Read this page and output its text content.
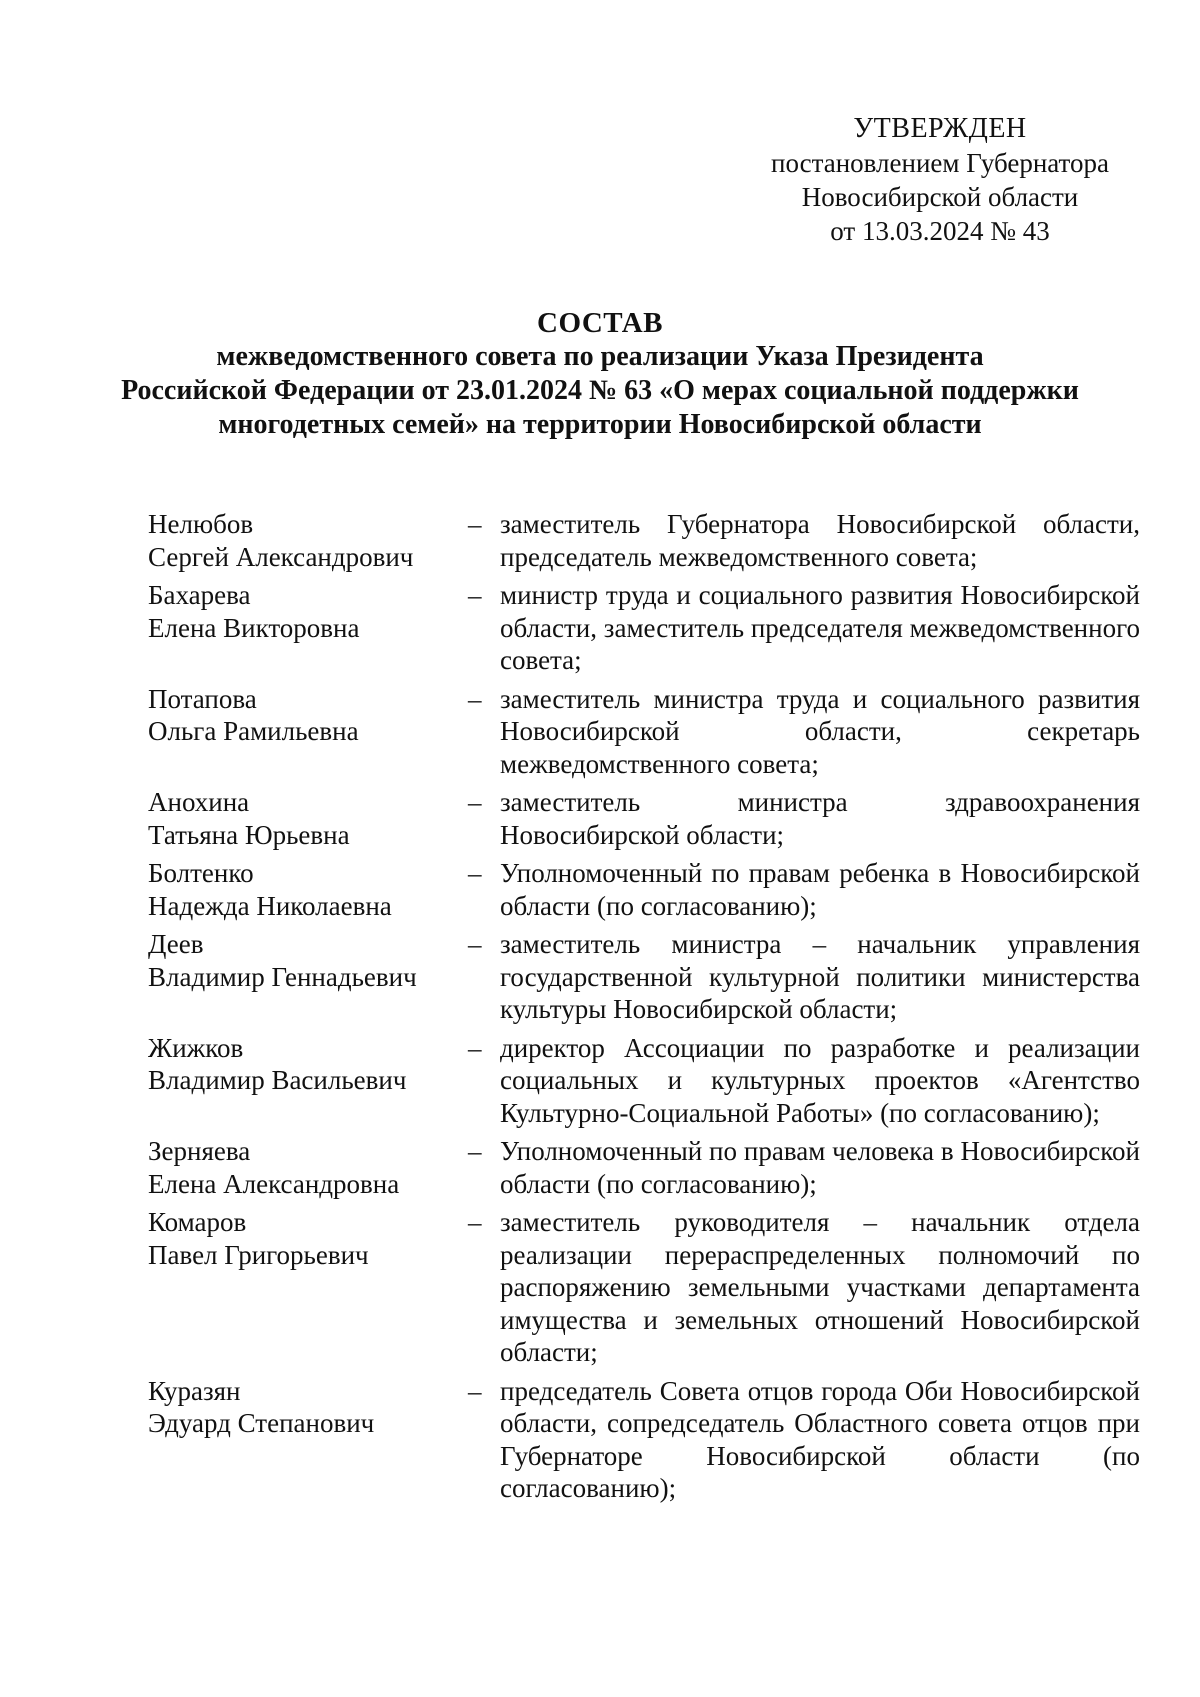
УТВЕРЖДЕН
постановлением Губернатора
Новосибирской области
от 13.03.2024 № 43
СОСТАВ
межведомственного совета по реализации Указа Президента
Российской Федерации от 23.01.2024 № 63 «О мерах социальной поддержки
многодетных семей» на территории Новосибирской области
Нелюбов
Сергей Александрович
– заместитель Губернатора Новосибирской области, председатель межведомственного совета;
Бахарева
Елена Викторовна
– министр труда и социального развития Новосибирской области, заместитель председателя межведомственного совета;
Потапова
Ольга Рамильевна
– заместитель министра труда и социального развития Новосибирской области, секретарь межведомственного совета;
Анохина
Татьяна Юрьевна
– заместитель министра здравоохранения Новосибирской области;
Болтенко
Надежда Николаевна
– Уполномоченный по правам ребенка в Новосибирской области (по согласованию);
Деев
Владимир Геннадьевич
– заместитель министра – начальник управления государственной культурной политики министерства культуры Новосибирской области;
Жижков
Владимир Васильевич
– директор Ассоциации по разработке и реализации социальных и культурных проектов «Агентство Культурно-Социальной Работы» (по согласованию);
Зерняева
Елена Александровна
– Уполномоченный по правам человека в Новосибирской области (по согласованию);
Комаров
Павел Григорьевич
– заместитель руководителя – начальник отдела реализации перераспределенных полномочий по распоряжению земельными участками департамента имущества и земельных отношений Новосибирской области;
Куразян
Эдуард Степанович
– председатель Совета отцов города Оби Новосибирской области, сопредседатель Областного совета отцов при Губернаторе Новосибирской области (по согласованию);
